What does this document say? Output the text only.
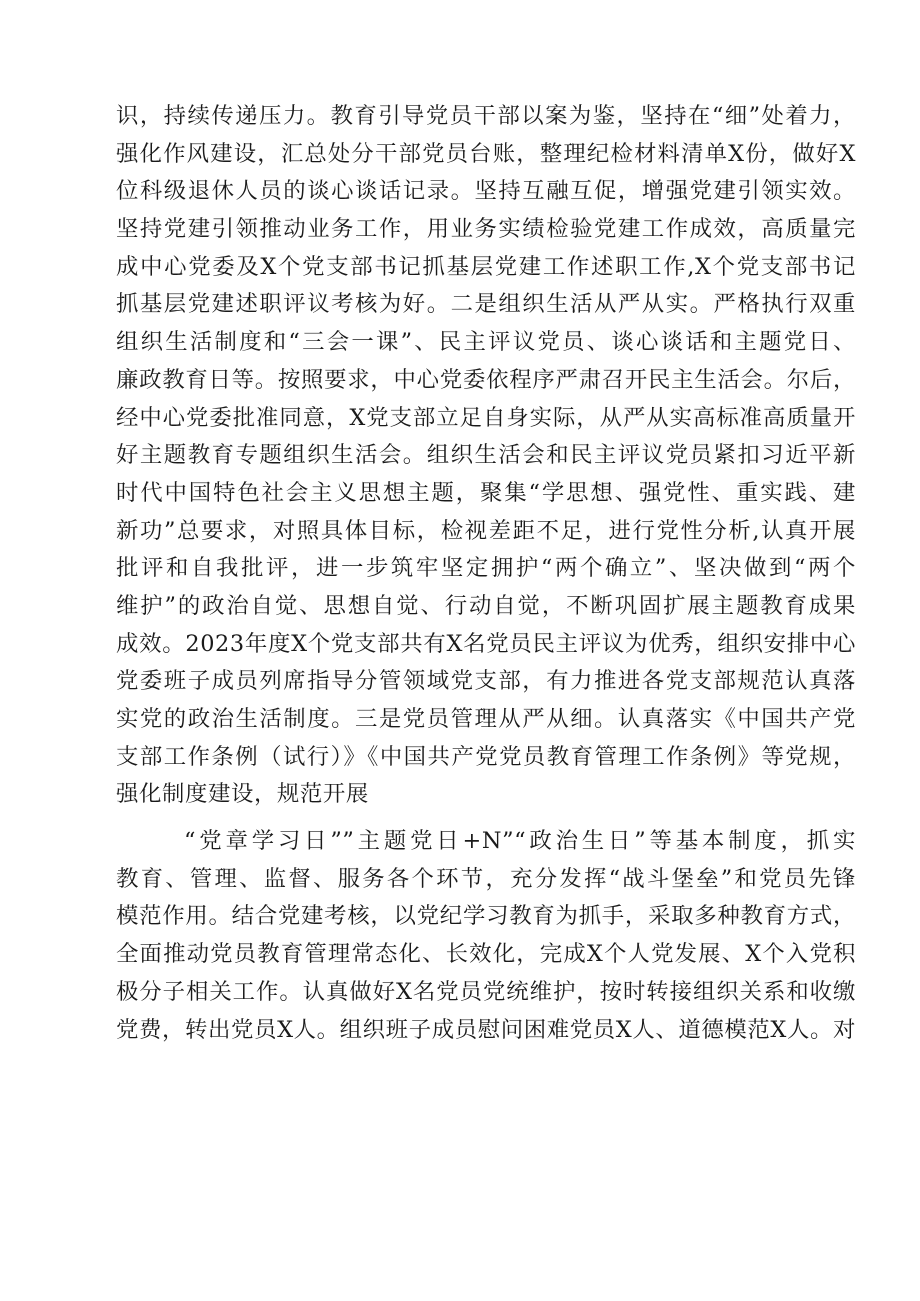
识，持续传递压力。教育引导党员干部以案为鉴，坚持在“细”处着力，
强化作风建设，汇总处分干部党员台账，整理纪检材料清单X份，做好X
位科级退休人员的谈心谈话记录。坚持互融互促，增强党建引领实效。
坚持党建引领推动业务工作，用业务实绩检验党建工作成效，高质量完
成中心党委及X个党支部书记抓基层党建工作述职工作,X个党支部书记
抓基层党建述职评议考核为好。二是组织生活从严从实。严格执行双重
组织生活制度和“三会一课”、民主评议党员、谈心谈话和主题党日、
廉政教育日等。按照要求，中心党委依程序严肃召开民主生活会。尔后，
经中心党委批准同意，X党支部立足自身实际，从严从实高标准高质量开
好主题教育专题组织生活会。组织生活会和民主评议党员紧扣习近平新
时代中国特色社会主义思想主题，聚集“学思想、强党性、重实践、建
新功”总要求，对照具体目标，检视差距不足，进行党性分析,认真开展
批评和自我批评，进一步筑牢坚定拥护“两个确立”、坚决做到“两个
维护”的政治自觉、思想自觉、行动自觉，不断巩固扩展主题教育成果
成效。2023年度X个党支部共有X名党员民主评议为优秀，组织安排中心
党委班子成员列席指导分管领域党支部，有力推进各党支部规范认真落
实党的政治生活制度。三是党员管理从严从细。认真落实《中国共产党
支部工作条例（试行）》《中国共产党党员教育管理工作条例》等党规，
强化制度建设，规范开展
“党章学习日””主题党日+N”“政治生日”等基本制度，抓实
教育、管理、监督、服务各个环节，充分发挥“战斗堡垒”和党员先锋
模范作用。结合党建考核，以党纪学习教育为抓手，采取多种教育方式，
全面推动党员教育管理常态化、长效化，完成X个人党发展、X个入党积
极分子相关工作。认真做好X名党员党统维护，按时转接组织关系和收缴
党费，转出党员X人。组织班子成员慰问困难党员X人、道德模范X人。对
